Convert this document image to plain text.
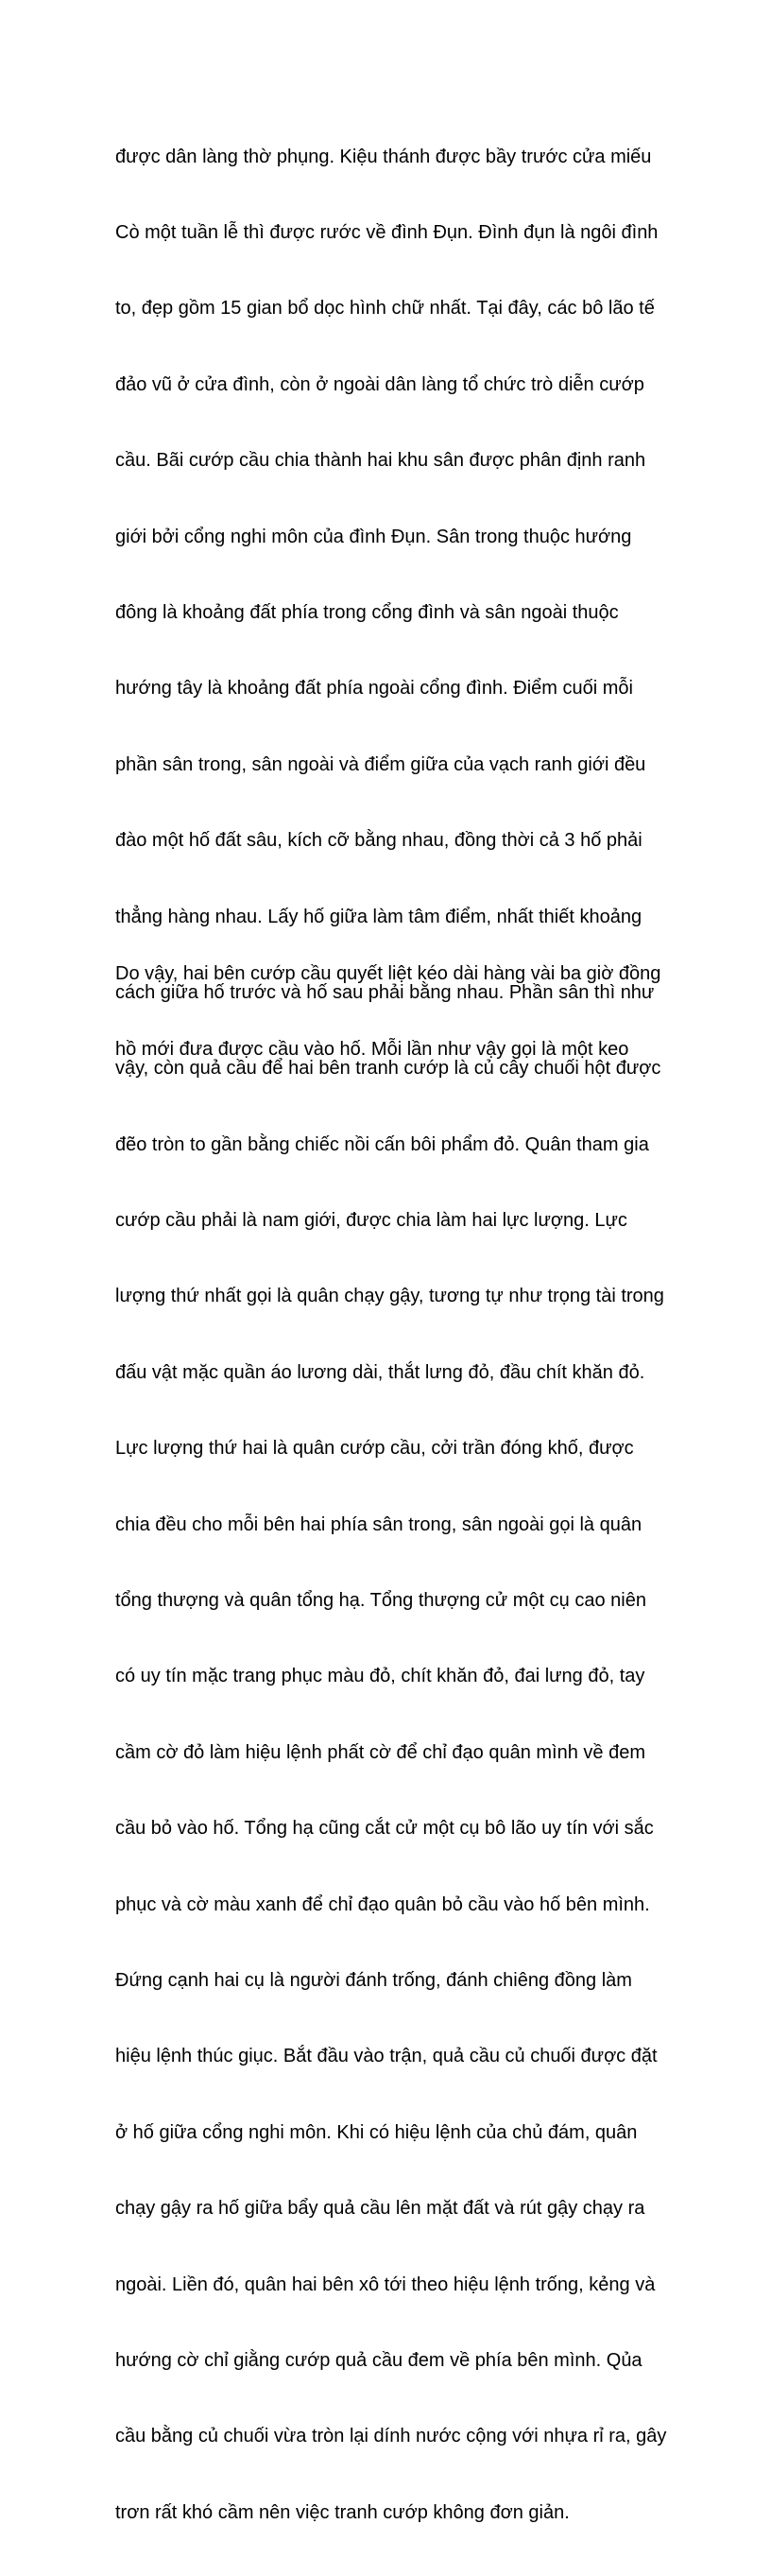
được dân làng thờ phụng. Kiệu thánh được bầy trước cửa miếu

Cò một tuần lễ thì được rước về đình Đụn. Đình đụn là ngôi đình

to, đẹp gồm 15 gian bổ dọc hình chữ nhất. Tại đây, các bô lão tế

đảo vũ ở cửa đình, còn ở ngoài dân làng tổ chức trò diễn cướp

cầu. Bãi cướp cầu chia thành hai khu sân được phân định ranh

giới bởi cổng nghi môn của đình Đụn. Sân trong thuộc hướng

đông là khoảng đất phía trong cổng đình và sân ngoài thuộc

hướng tây là khoảng đất phía ngoài cổng đình. Điểm cuối mỗi

phần sân trong, sân ngoài và điểm giữa của vạch ranh giới đều

đào một hố đất sâu, kích cỡ bằng nhau, đồng thời cả 3 hố phải

thẳng hàng nhau. Lấy hố giữa làm tâm điểm, nhất thiết khoảng

cách giữa hố trước và hố sau phải bằng nhau. Phần sân thì như

vậy, còn quả cầu để hai bên tranh cướp là củ cây chuối hột được

đẽo tròn to gần bằng chiếc nồi cấn bôi phẩm đỏ. Quân tham gia

cướp cầu phải là nam giới, được chia làm hai lực lượng. Lực

lượng thứ nhất gọi là quân chạy gậy, tương tự như trọng tài trong

đấu vật mặc quần áo lương dài, thắt lưng đỏ, đầu chít khăn đỏ.

Lực lượng thứ hai là quân cướp cầu, cởi trần đóng khố, được

chia đều cho mỗi bên hai phía sân trong, sân ngoài gọi là quân

tổng thượng và quân tổng hạ. Tổng thượng cử một cụ cao niên

có uy tín mặc trang phục màu đỏ, chít khăn đỏ, đai lưng đỏ, tay

cầm cờ đỏ làm hiệu lệnh phất cờ để chỉ đạo quân mình về đem

cầu bỏ vào hố. Tổng hạ cũng cắt cử một cụ bô lão uy tín với sắc

phục và cờ màu xanh để chỉ đạo quân bỏ cầu vào hố bên mình.

Đứng cạnh hai cụ là người đánh trống, đánh chiêng đồng làm

hiệu lệnh thúc giục. Bắt đầu vào trận, quả cầu củ chuối được đặt

ở hố giữa cổng nghi môn. Khi có hiệu lệnh của chủ đám, quân

chạy gậy ra hố giữa bẩy quả cầu lên mặt đất và rút gậy chạy ra

ngoài. Liền đó, quân hai bên xô tới theo hiệu lệnh trống, kẻng và

hướng cờ chỉ giằng cướp quả cầu đem về phía bên mình. Qủa

cầu bằng củ chuối vừa tròn lại dính nước cộng với nhựa rỉ ra, gây

trơn rất khó cầm nên việc tranh cướp không đơn giản.

Do vậy, hai bên cướp cầu quyết liệt kéo dài hàng vài ba giờ đồng

hồ mới đưa được cầu vào hố. Mỗi lần như vậy gọi là một keo
